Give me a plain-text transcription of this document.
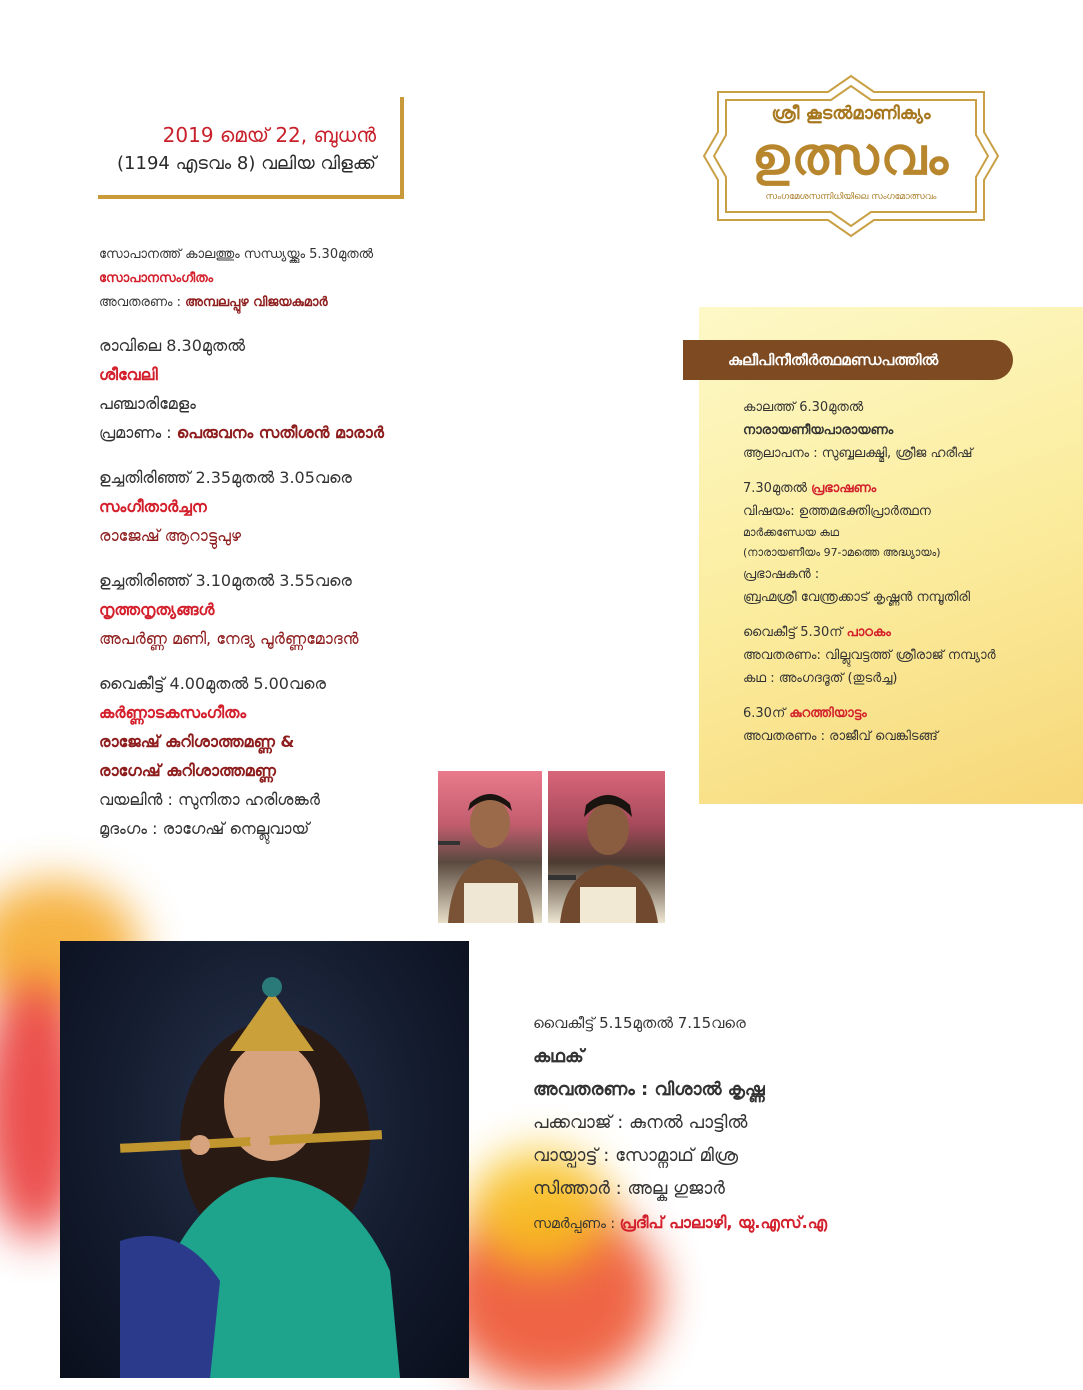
2019 മെയ് 22, ബുധൻ
(1194 എടവം 8) വലിയ വിളക്ക്
ശ്രീ കൂടൽമാണിക്യം
ഉത്സവം
സംഗമേശസന്നിധിയിലെ സംഗമോത്സവം
സോപാനത്ത് കാലത്തും സന്ധ്യയ്ക്കും 5.30മുതൽ
സോപാനസംഗീതം
അവതരണം : അമ്പലപ്പുഴ വിജയകുമാർ
രാവിലെ 8.30മുതൽ
ശീവേലി
പഞ്ചാരിമേളം
പ്രമാണം : പെരുവനം സതീശൻ മാരാർ
ഉച്ചതിരിഞ്ഞ് 2.35മുതൽ 3.05വരെ
സംഗീതാർച്ചന
രാജേഷ് ആറാട്ടുപുഴ
ഉച്ചതിരിഞ്ഞ് 3.10മുതൽ 3.55വരെ
നൃത്തനൃത്യങ്ങൾ
അപർണ്ണ മണി, നേദ്യ പൂർണ്ണമോദൻ
വൈകീട്ട് 4.00മുതൽ 5.00വരെ
കർണ്ണാടകസംഗീതം
രാജേഷ് കുറിശാത്തമണ്ണ &
രാഗേഷ് കുറിശാത്തമണ്ണ
വയലിൻ : സുനിതാ ഹരിശങ്കർ
മൃദംഗം : രാഗേഷ് നെല്ലുവായ്
കുലീപിനീതീർത്ഥമണ്ഡപത്തിൽ
കാലത്ത് 6.30മുതൽ
നാരായണീയപാരായണം
ആലാപനം : സുബ്ബലക്ഷ്മി, ശ്രീജ ഹരീഷ്
7.30മുതൽ പ്രഭാഷണം
വിഷയം: ഉത്തമഭക്തിപ്രാർത്ഥന
മാർക്കണ്ഡേയ കഥ
(നാരായണീയം 97-ാമത്തെ അദ്ധ്യായം)
പ്രഭാഷകൻ :
ബ്രഹ്മശ്രീ വേന്ത്രക്കാട് കൃഷ്ണൻ നമ്പൂതിരി
വൈകീട്ട് 5.30ന് പാഠകം
അവതരണം: വില്ലുവട്ടത്ത് ശ്രീരാജ് നമ്പ്യാർ
കഥ : അംഗദദൂത് (തുടർച്ച)
6.30ന് കുറത്തിയാട്ടം
അവതരണം : രാജീവ് വെങ്കിടങ്ങ്
വൈകീട്ട് 5.15മുതൽ 7.15വരെ
കഥക്
അവതരണം : വിശാൽ കൃഷ്ണ
പക്കവാജ് : കുനൽ പാട്ടിൽ
വായ്പാട്ട് : സോമ്നാഥ് മിശ്ര
സിത്താർ : അല്ക ഗുജാർ
സമർപ്പണം : പ്രദീപ് പാലാഴി, യു.എസ്.എ
